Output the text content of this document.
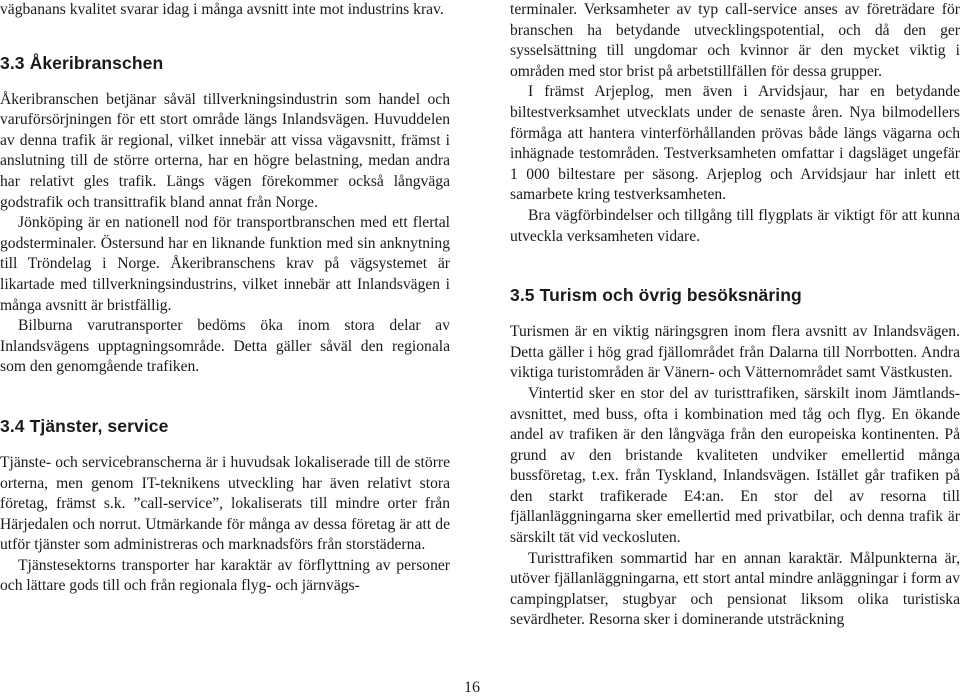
vägbanans kvalitet svarar idag i många avsnitt inte mot industrins krav.

3.3 Åkeribranschen

Åkeribranschen betjänar såväl tillverkningsindustrin som handel och varuförsörjningen för ett stort område längs Inlandsvägen. Huvuddelen av denna trafik är regional, vilket innebär att vissa vägavsnitt, främst i anslutning till de större orterna, har en högre belastning, medan andra har relativt gles trafik. Längs vägen förekommer också långväga godstrafik och transittrafik bland annat från Norge.

Jönköping är en nationell nod för transportbranschen med ett flertal godsterminaler. Östersund har en liknande funktion med sin anknytning till Tröndelag i Norge. Åkeribranschens krav på vägsystemet är likartade med tillverkningsindustrins, vilket innebär att Inlandsvägen i många avsnitt är bristfällig.

Bilburna varutransporter bedöms öka inom stora delar av Inlandsvägens upptagningsområde. Detta gäller såväl den regionala som den genomgående trafiken.

3.4 Tjänster, service

Tjänste- och servicebranscherna är i huvudsak lokaliserade till de större orterna, men genom IT-teknikens utveckling har även relativt stora företag, främst s.k. ”call-service”, lokaliserats till mindre orter från Härjedalen och norrut. Utmärkande för många av dessa företag är att de utför tjänster som administreras och marknadsförs från storstäderna.

Tjänstesektorns transporter har karaktär av förflyttning av personer och lättare gods till och från regionala flyg- och järnvägs-

terminaler. Verksamheter av typ call-service anses av företrädare för branschen ha betydande utvecklingspotential, och då den ger sysselsättning till ungdomar och kvinnor är den mycket viktig i områden med stor brist på arbetstillfällen för dessa grupper.

I främst Arjeplog, men även i Arvidsjaur, har en betydande biltestverksamhet utvecklats under de senaste åren. Nya bilmodellers förmåga att hantera vinterförhållanden prövas både längs vägarna och inhägnade testområden. Testverksamheten omfattar i dagsläget ungefär 1 000 biltestare per säsong. Arjeplog och Arvidsjaur har inlett ett samarbete kring testverksamheten.

Bra vägförbindelser och tillgång till flygplats är viktigt för att kunna utveckla verksamheten vidare.

3.5 Turism och övrig besöksnäring

Turismen är en viktig näringsgren inom flera avsnitt av Inlandsvägen. Detta gäller i hög grad fjällområdet från Dalarna till Norrbotten. Andra viktiga turistområden är Vänern- och Vätternområdet samt Västkusten.

Vintertid sker en stor del av turisttrafiken, särskilt inom Jämtlands-avsnittet, med buss, ofta i kombination med tåg och flyg. En ökande andel av trafiken är den långväga från den europeiska kontinenten. På grund av den bristande kvaliteten undviker emellertid många bussföretag, t.ex. från Tyskland, Inlandsvägen. Istället går trafiken på den starkt trafikerade E4:an. En stor del av resorna till fjällanläggningarna sker emellertid med privatbilar, och denna trafik är särskilt tät vid veckosluten.

Turisttrafiken sommartid har en annan karaktär. Målpunkterna är, utöver fjällanläggningarna, ett stort antal mindre anläggningar i form av campingplatser, stugbyar och pensionat liksom olika turistiska sevärdheter. Resorna sker i dominerande utsträckning

16
